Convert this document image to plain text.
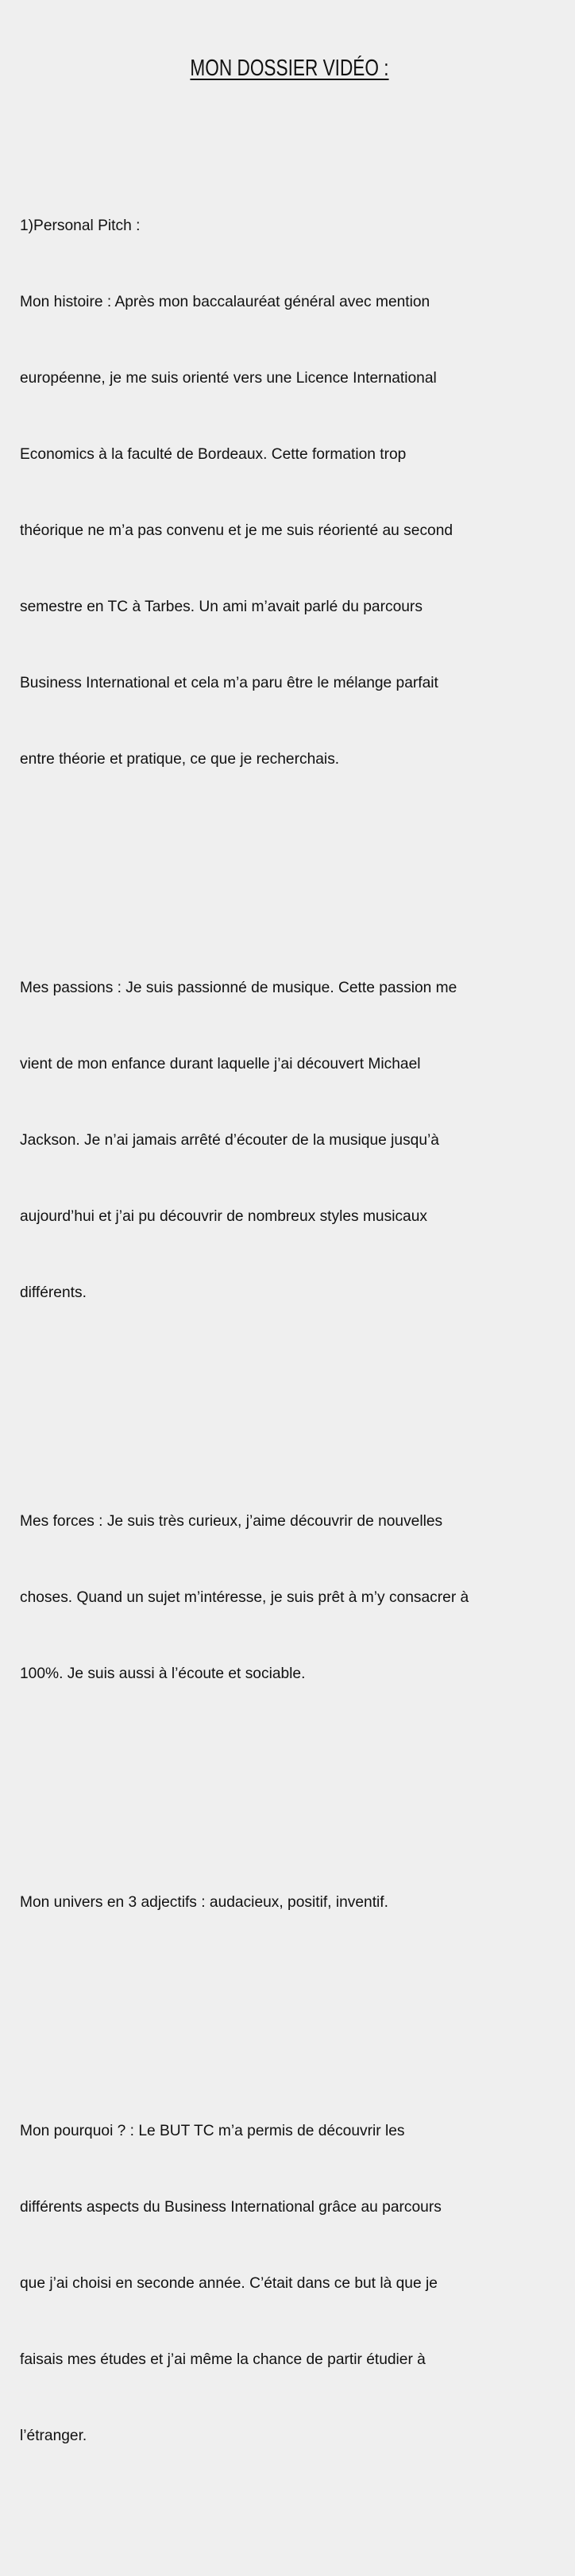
MON DOSSIER VIDÉO :

1)Personal Pitch :

Mon histoire : Après mon baccalauréat général avec mention

européenne, je me suis orienté vers une Licence International

Economics à la faculté de Bordeaux. Cette formation trop

théorique ne m’a pas convenu et je me suis réorienté au second

semestre en TC à Tarbes. Un ami m’avait parlé du parcours

Business International et cela m’a paru être le mélange parfait

entre théorie et pratique, ce que je recherchais.

Mes passions : Je suis passionné de musique. Cette passion me

vient de mon enfance durant laquelle j’ai découvert Michael

Jackson. Je n’ai jamais arrêté d’écouter de la musique jusqu’à

aujourd’hui et j’ai pu découvrir de nombreux styles musicaux

différents.

Mes forces : Je suis très curieux, j’aime découvrir de nouvelles

choses. Quand un sujet m’intéresse, je suis prêt à m’y consacrer à

100%. Je suis aussi à l’écoute et sociable.

Mon univers en 3 adjectifs : audacieux, positif, inventif.

Mon pourquoi ? : Le BUT TC m’a permis de découvrir les

différents aspects du Business International grâce au parcours

que j’ai choisi en seconde année. C’était dans ce but là que je

faisais mes études et j’ai même la chance de partir étudier à

l’étranger.
